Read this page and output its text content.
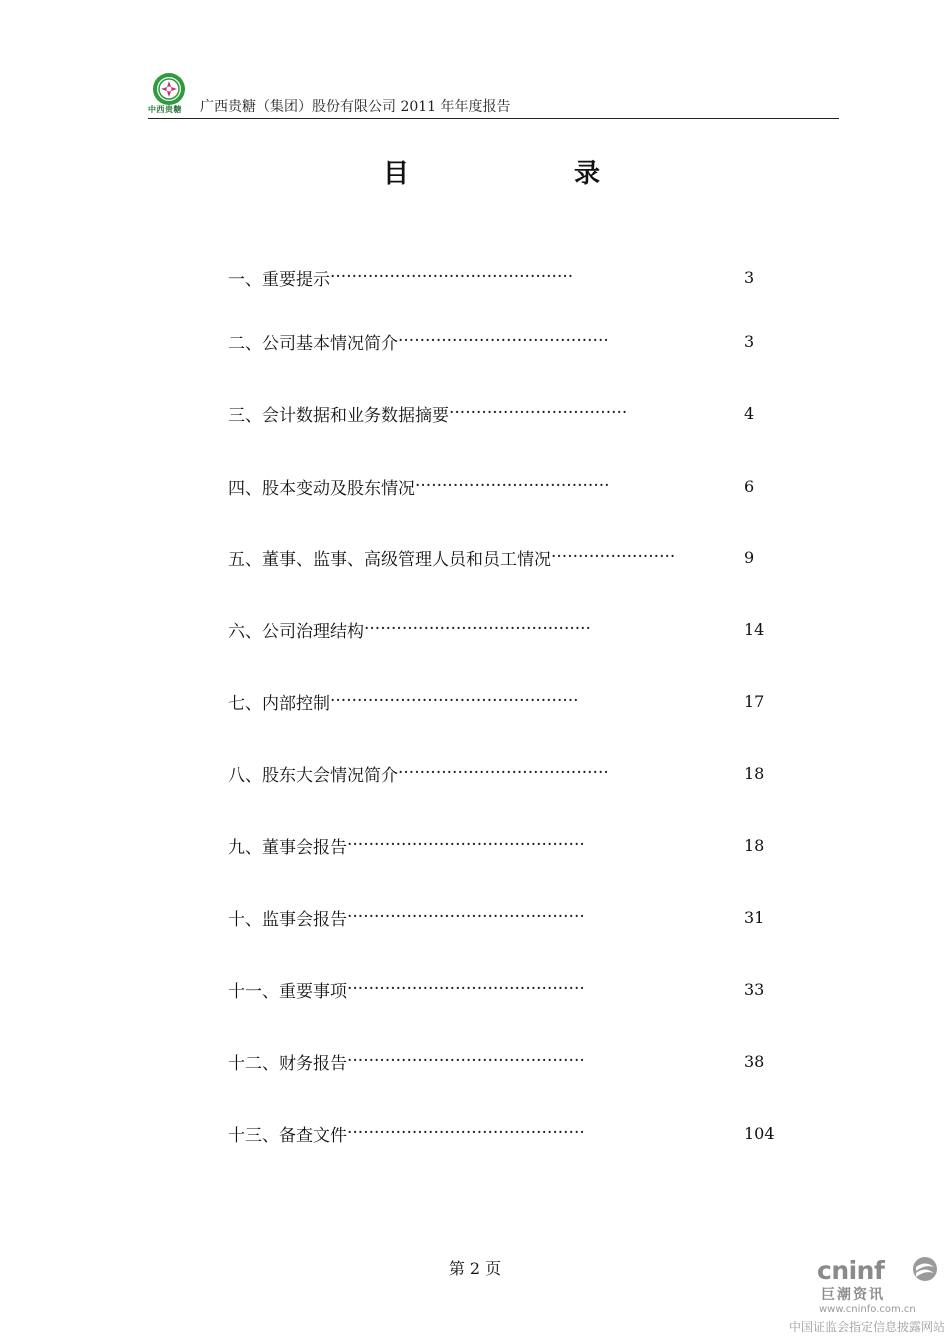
中西贵糖 广西贵糖（集团）股份有限公司 2011 年年度报告
目	录
一、重要提示 ·············································	3
二、公司基本情况简介 ·······································	3
三、会计数据和业务数据摘要 ·································	4
四、股本变动及股东情况 ····································	6
五、董事、监事、高级管理人员和员工情况 ·······················	9
六、公司治理结构 ··········································	14
七、内部控制 ··············································	17
八、股东大会情况简介 ·······································	18
九、董事会报告 ············································	18
十、监事会报告 ············································	31
十一、重要事项 ············································	33
十二、财务报告 ············································	38
十三、备查文件 ············································	104
第 2 页	cninf
巨潮资讯
www.cninfo.com.cn
中国证监会指定信息披露网站
